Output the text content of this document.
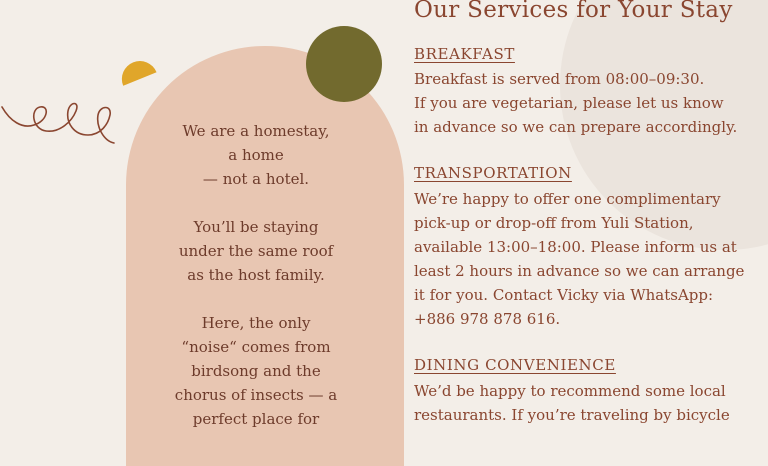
We are a homestay,
a home
— not a hotel.

You’ll be staying
under the same roof
as the host family.

Here, the only
“noise“ comes from
birdsong and the
chorus of insects — a
perfect place for

Our Services for Your Stay
BREAKFAST
Breakfast is served from 08:00–09:30.
If you are vegetarian, please let us know
in advance so we can prepare accordingly.
TRANSPORTATION
We’re happy to offer one complimentary
pick-up or drop-off from Yuli Station,
available 13:00–18:00. Please inform us at
least 2 hours in advance so we can arrange
it for you. Contact Vicky via WhatsApp:
+886 978 878 616.
DINING CONVENIENCE
We’d be happy to recommend some local
restaurants. If you’re traveling by bicycle
